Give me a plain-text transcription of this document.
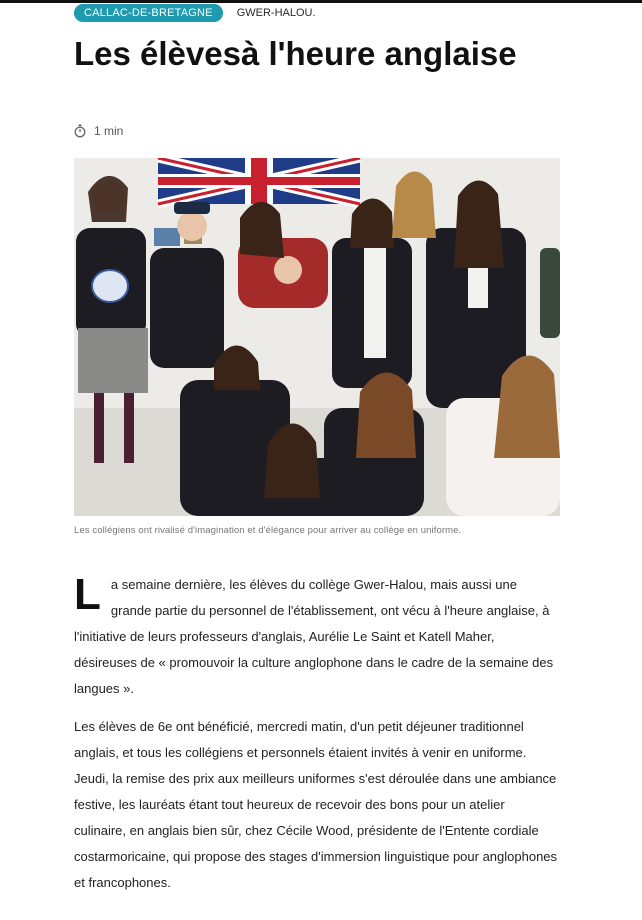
CALLAC-DE-BRETAGNE	GWER-HALOU.
Les élèvesà l'heure anglaise
1 min
Les collégiens ont rivalisé d'imagination et d'élégance pour arriver au collège en uniforme.

La semaine dernière, les élèves du collège Gwer-Halou, mais aussi une grande partie du personnel de l'établissement, ont vécu à l'heure anglaise, à l'initiative de leurs professeurs d'anglais, Aurélie Le Saint et Katell Maher, désireuses de « promouvoir la culture anglophone dans le cadre de la semaine des langues ».

Les élèves de 6e ont bénéficié, mercredi matin, d'un petit déjeuner traditionnel anglais, et tous les collégiens et personnels étaient invités à venir en uniforme. Jeudi, la remise des prix aux meilleurs uniformes s'est déroulée dans une ambiance festive, les lauréats étant tout heureux de recevoir des bons pour un atelier culinaire, en anglais bien sûr, chez Cécile Wood, présidente de l'Entente cordiale costarmoricaine, qui propose des stages d'immersion linguistique pour anglophones et francophones.
